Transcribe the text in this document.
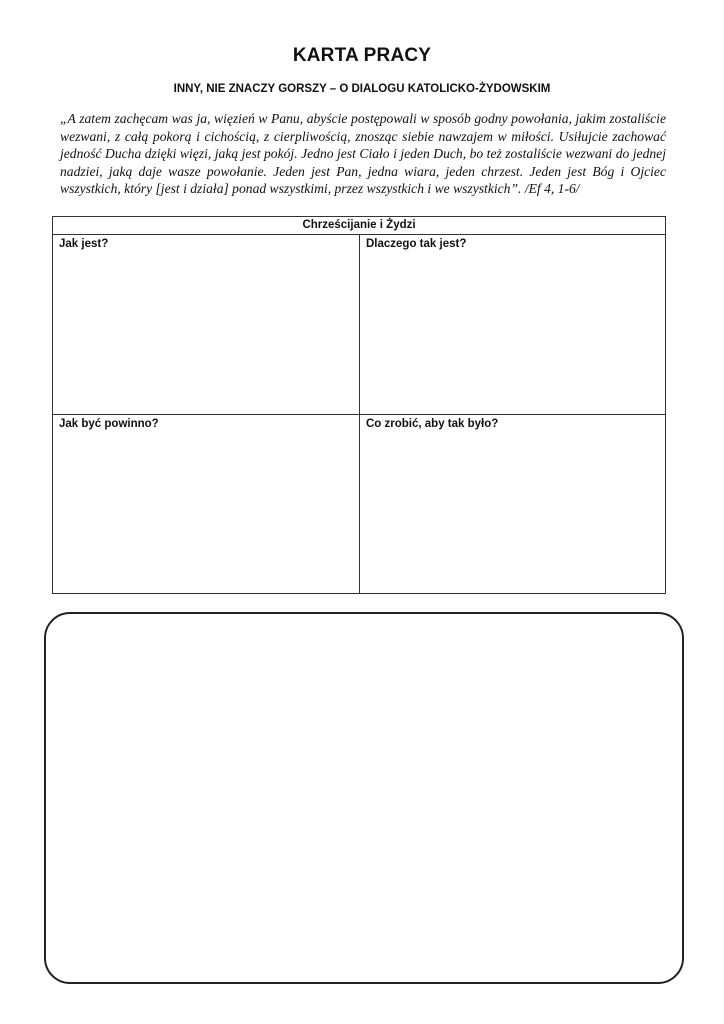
KARTA PRACY
INNY, NIE ZNACZY GORSZY – O DIALOGU KATOLICKO-ŻYDOWSKIM

„A zatem zachęcam was ja, więzień w Panu, abyście postępowali w sposób godny powołania, jakim zostaliście wezwani, z całą pokorą i cichością, z cierpliwością, znosząc siebie nawzajem w miłości. Usiłujcie zachować jedność Ducha dzięki więzi, jaką jest pokój. Jedno jest Ciało i jeden Duch, bo też zostaliście wezwani do jednej nadziei, jaką daje wasze powołanie. Jeden jest Pan, jedna wiara, jeden chrzest. Jeden jest Bóg i Ojciec wszystkich, który [jest i działa] ponad wszystkimi, przez wszystkich i we wszystkich”. /Ef 4, 1-6/

Chrześcijanie i Żydzi
Jak jest?	Dlaczego tak jest?
Jak być powinno?	Co zrobić, aby tak było?
